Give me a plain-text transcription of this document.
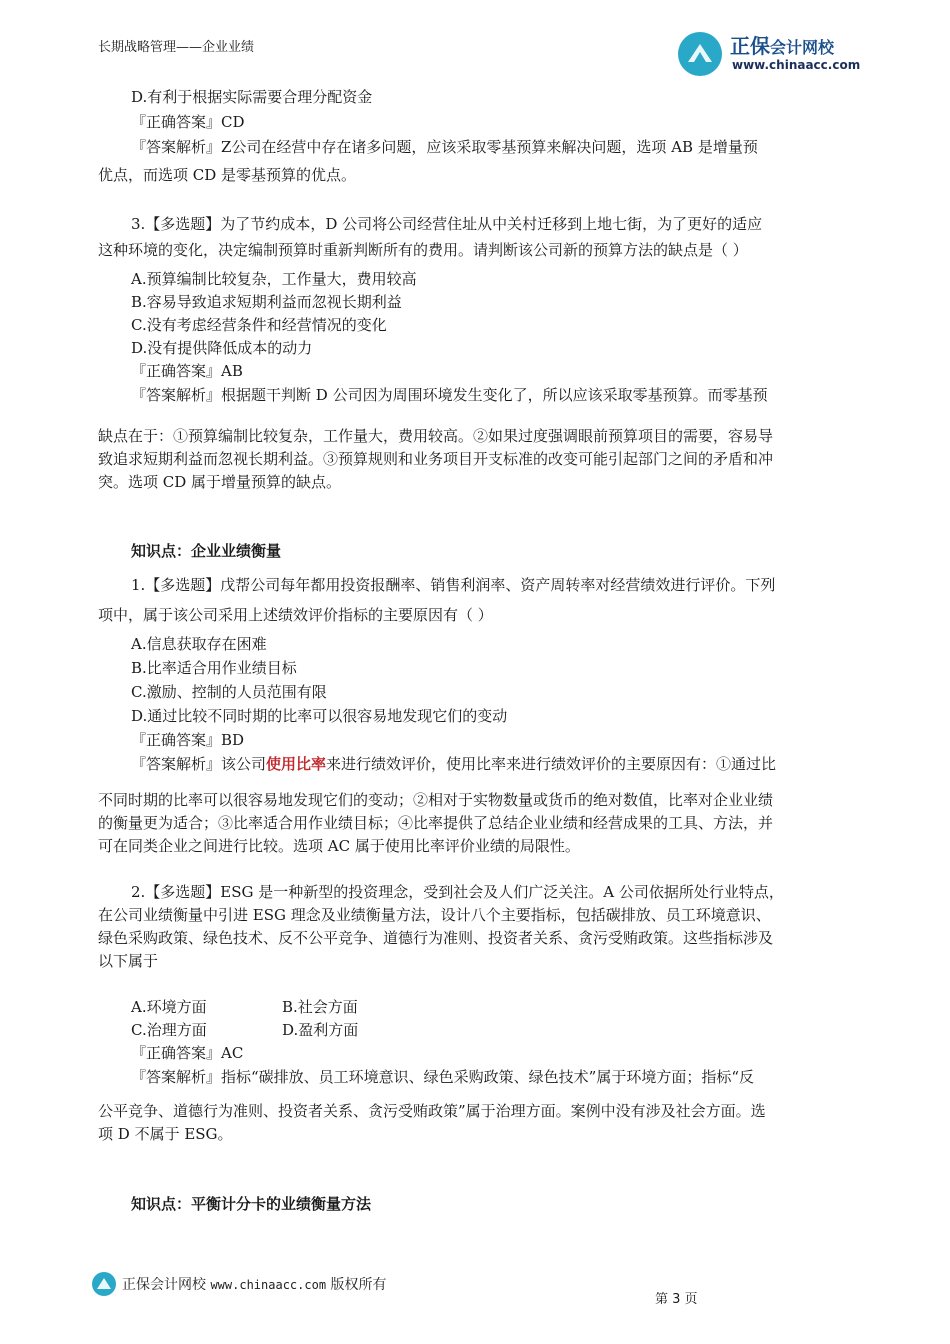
长期战略管理——企业业绩	正保会计网校
www.chinaacc.com
D.有利于根据实际需要合理分配资金
『正确答案』CD
『答案解析』Z公司在经营中存在诸多问题，应该采取零基预算来解决问题，选项 AB 是增量预
优点，而选项 CD 是零基预算的优点。
3.【多选题】为了节约成本，D 公司将公司经营住址从中关村迁移到上地七街，为了更好的适应
这种环境的变化，决定编制预算时重新判断所有的费用。请判断该公司新的预算方法的缺点是（ ）
A.预算编制比较复杂，工作量大，费用较高
B.容易导致追求短期利益而忽视长期利益
C.没有考虑经营条件和经营情况的变化
D.没有提供降低成本的动力
『正确答案』AB
『答案解析』根据题干判断 D 公司因为周围环境发生变化了，所以应该采取零基预算。而零基预
缺点在于：①预算编制比较复杂，工作量大，费用较高。②如果过度强调眼前预算项目的需要，容易导
致追求短期利益而忽视长期利益。③预算规则和业务项目开支标准的改变可能引起部门之间的矛盾和冲
突。选项 CD 属于增量预算的缺点。
知识点：企业业绩衡量
1.【多选题】戊帮公司每年都用投资报酬率、销售利润率、资产周转率对经营绩效进行评价。下列
项中，属于该公司采用上述绩效评价指标的主要原因有（ ）
A.信息获取存在困难
B.比率适合用作业绩目标
C.激励、控制的人员范围有限
D.通过比较不同时期的比率可以很容易地发现它们的变动
『正确答案』BD
『答案解析』该公司使用比率来进行绩效评价，使用比率来进行绩效评价的主要原因有：①通过比
不同时期的比率可以很容易地发现它们的变动；②相对于实物数量或货币的绝对数值，比率对企业业绩
的衡量更为适合；③比率适合用作业绩目标；④比率提供了总结企业业绩和经营成果的工具、方法，并
可在同类企业之间进行比较。选项 AC 属于使用比率评价业绩的局限性。
2.【多选题】ESG 是一种新型的投资理念，受到社会及人们广泛关注。A 公司依据所处行业特点，
在公司业绩衡量中引进 ESG 理念及业绩衡量方法，设计八个主要指标，包括碳排放、员工环境意识、
绿色采购政策、绿色技术、反不公平竞争、道德行为准则、投资者关系、贪污受贿政策。这些指标涉及
以下属于
A.环境方面	B.社会方面
C.治理方面	D.盈利方面
『正确答案』AC
『答案解析』指标“碳排放、员工环境意识、绿色采购政策、绿色技术”属于环境方面；指标“反
公平竞争、道德行为准则、投资者关系、贪污受贿政策”属于治理方面。案例中没有涉及社会方面。选
项 D 不属于 ESG。
知识点：平衡计分卡的业绩衡量方法
正保会计网校 www.chinaacc.com 版权所有
第 3 页
